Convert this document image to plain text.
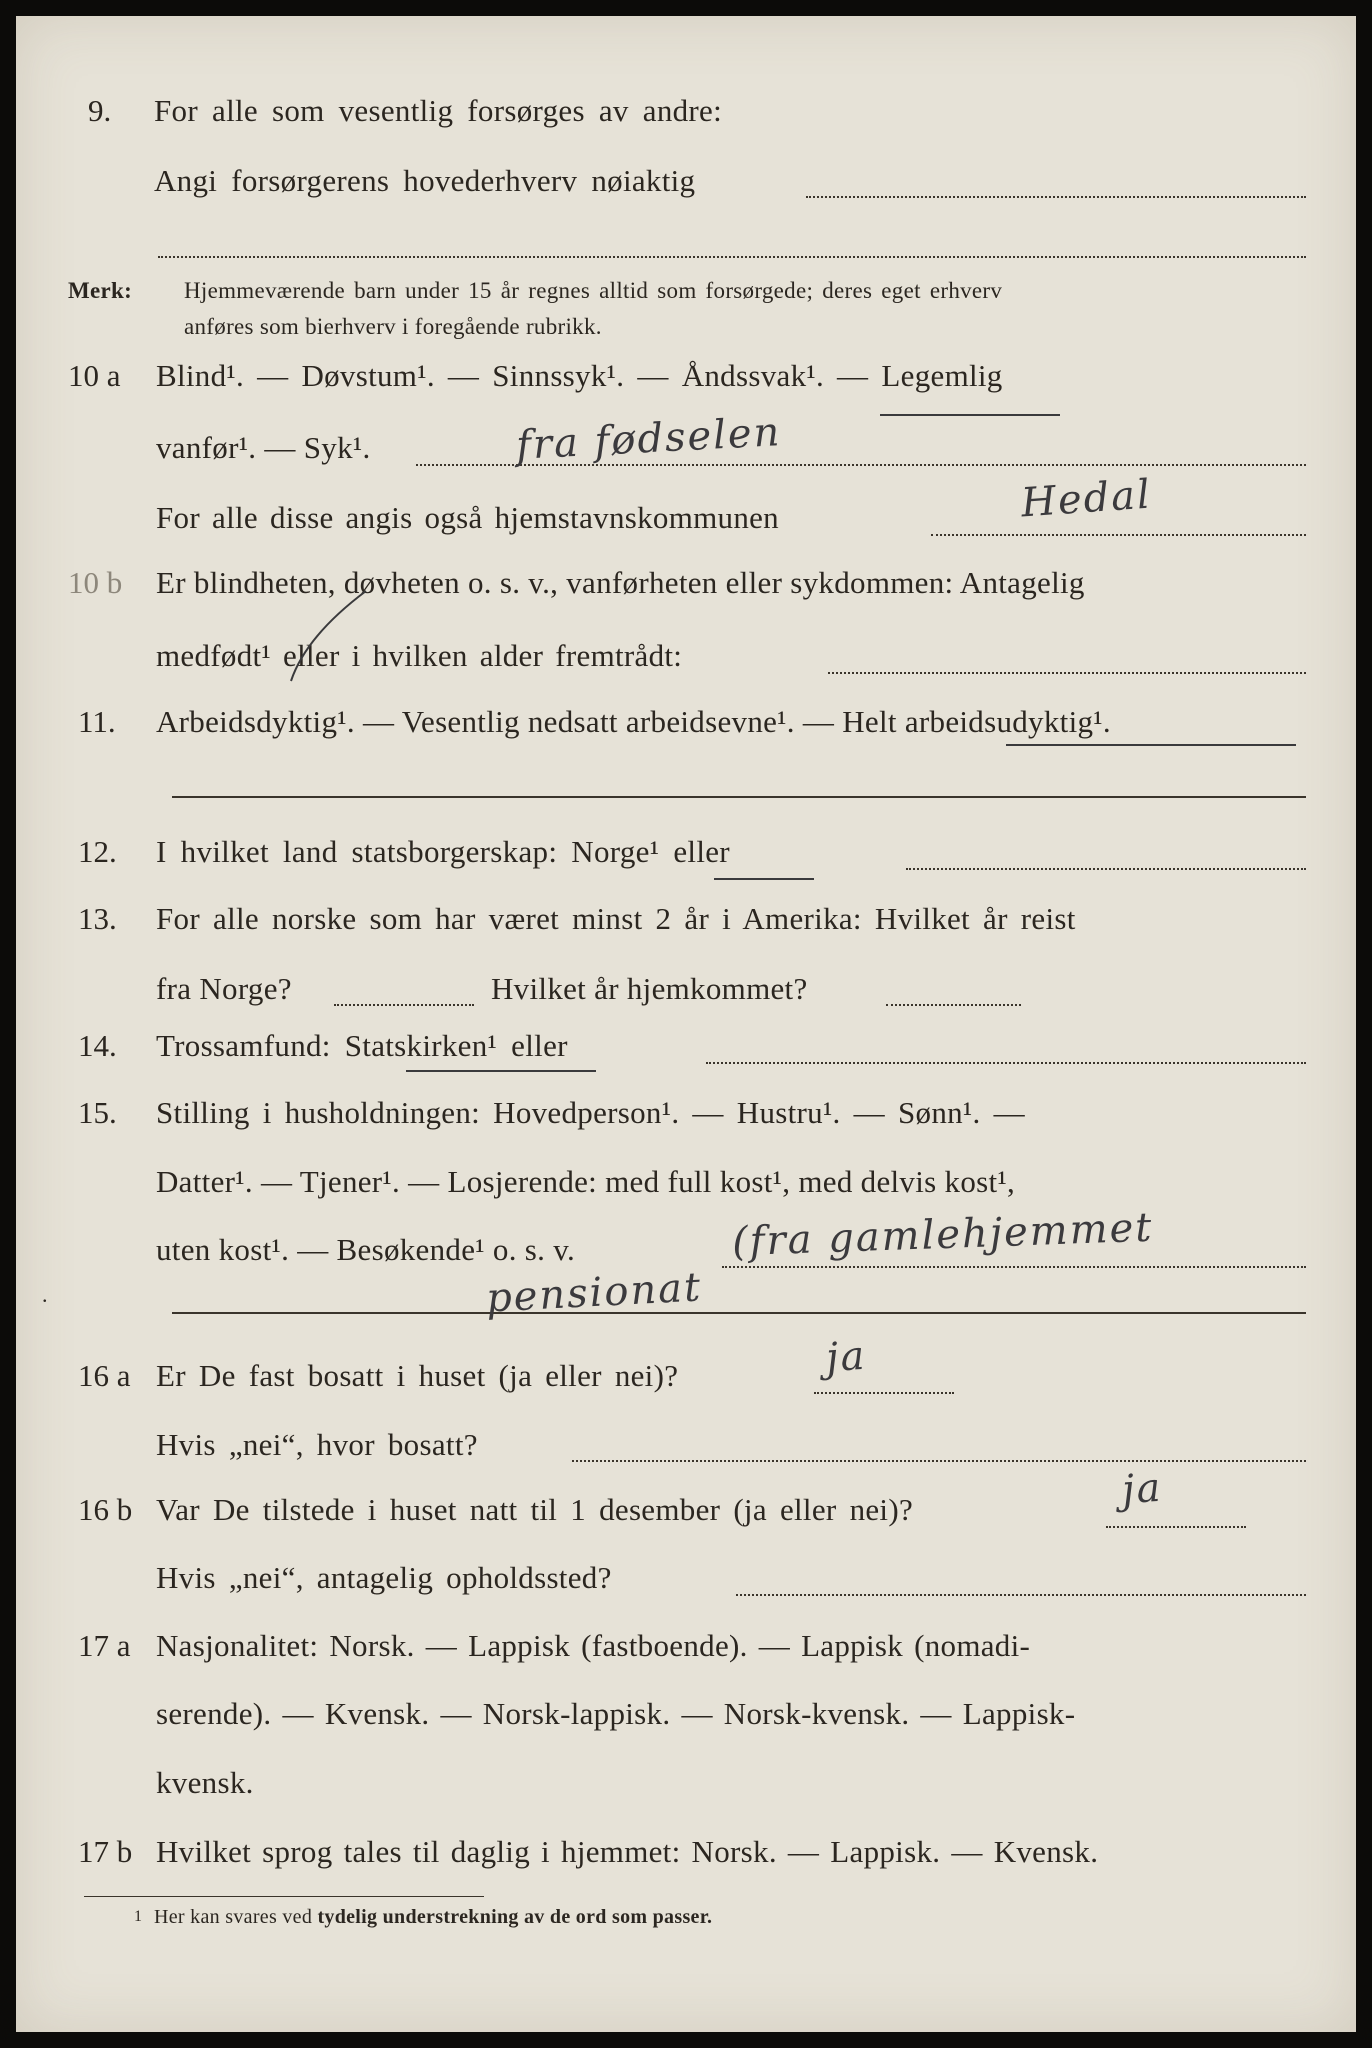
9.	For alle som vesentlig forsørges av andre:
Angi forsørgerens hovederhverv nøiaktig
Merk: Hjemmeværende barn under 15 år regnes alltid som forsørgede; deres eget erhverv
anføres som bierhverv i foregående rubrikk.
10 a	Blind¹. — Døvstum¹. — Sinnssyk¹. — Åndssvak¹. — Legemlig
vanfør¹. — Syk¹.	fra fødselen
For alle disse angis også hjemstavnskommunen	Hedal
10 b	Er blindheten, døvheten o. s. v., vanførheten eller sykdommen: Antagelig
medfødt¹ eller i hvilken alder fremtrådt:
11.	Arbeidsdyktig¹. — Vesentlig nedsatt arbeidsevne¹. — Helt arbeidsudyktig¹.
12.	I hvilket land statsborgerskap: Norge¹ eller
13.	For alle norske som har været minst 2 år i Amerika: Hvilket år reist
fra Norge?	Hvilket år hjemkommet?
14.	Trossamfund: Statskirken¹ eller
15.	Stilling i husholdningen: Hovedperson¹. — Hustru¹. — Sønn¹. —
Datter¹. — Tjener¹. — Losjerende: med full kost¹, med delvis kost¹,
uten kost¹. — Besøkende¹ o. s. v.	(fra gamlehjemmet
pensionat
.
16 a Er De fast bosatt i huset (ja eller nei)?	ja
Hvis „nei“, hvor bosatt?
16 b Var De tilstede i huset natt til 1 desember (ja eller nei)?	ja
Hvis „nei“, antagelig opholdssted?
17 a Nasjonalitet: Norsk. — Lappisk (fastboende). — Lappisk (nomadi-
serende). — Kvensk. — Norsk-lappisk. — Norsk-kvensk. — Lappisk-
kvensk.
17 b Hvilket sprog tales til daglig i hjemmet: Norsk. — Lappisk. — Kvensk.
1 Her kan svares ved tydelig understrekning av de ord som passer.
